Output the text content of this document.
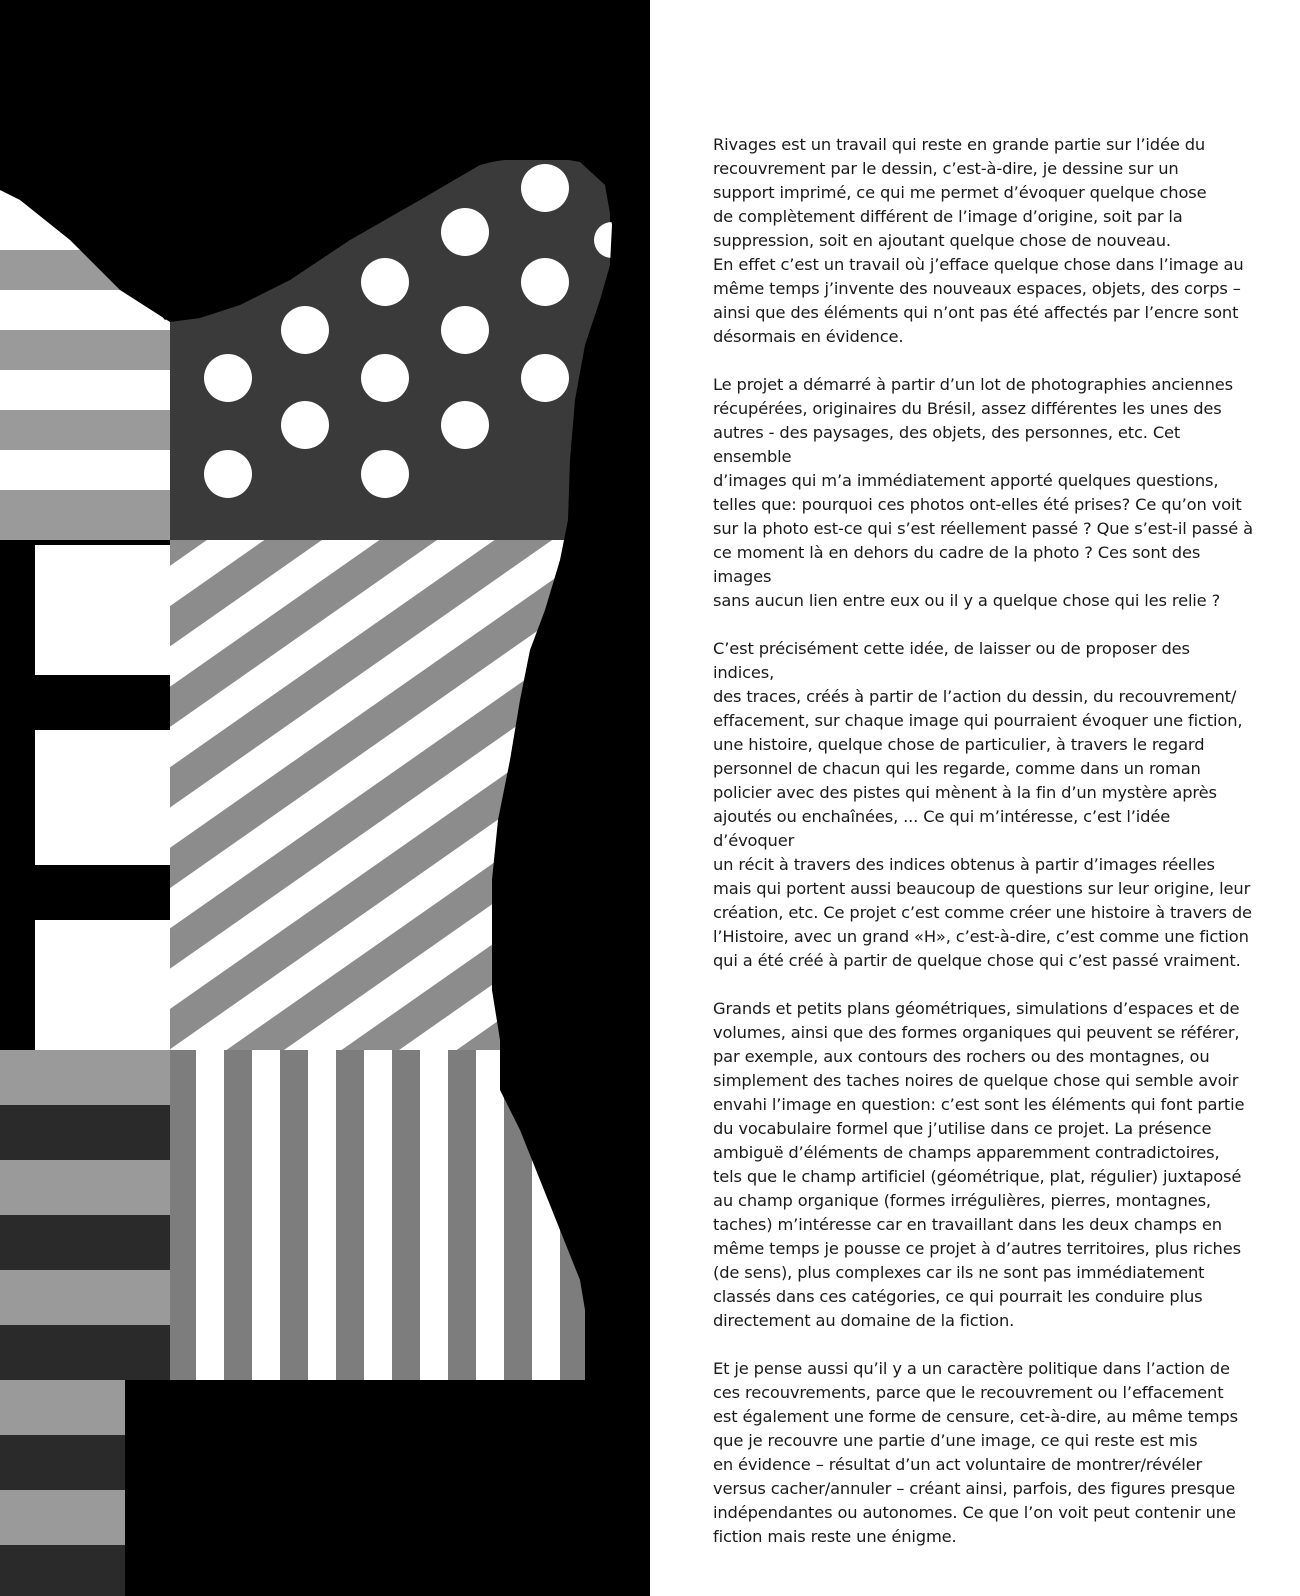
Rivages est un travail qui reste en grande partie sur l’idée du
recouvrement par le dessin, c’est-à-dire, je dessine sur un
support imprimé, ce qui me permet d’évoquer quelque chose
de complètement différent de l’image d’origine, soit par la
suppression, soit en ajoutant quelque chose de nouveau.
En effet c’est un travail où j’efface quelque chose dans l’image au
même temps j’invente des nouveaux espaces, objets, des corps –
ainsi que des éléments qui n’ont pas été affectés par l’encre sont
désormais en évidence.

Le projet a démarré à partir d’un lot de photographies anciennes
récupérées, originaires du Brésil, assez différentes les unes des
autres - des paysages, des objets, des personnes, etc. Cet ensemble
d’images qui m’a immédiatement apporté quelques questions,
telles que: pourquoi ces photos ont-elles été prises? Ce qu’on voit
sur la photo est-ce qui s’est réellement passé ? Que s’est-il passé à
ce moment là en dehors du cadre de la photo ? Ces sont des images
sans aucun lien entre eux ou il y a quelque chose qui les relie ?

C’est précisément cette idée, de laisser ou de proposer des indices,
des traces, créés à partir de l’action du dessin, du recouvrement/
effacement, sur chaque image qui pourraient évoquer une fiction,
une histoire, quelque chose de particulier, à travers le regard
personnel de chacun qui les regarde, comme dans un roman
policier avec des pistes qui mènent à la fin d’un mystère après
ajoutés ou enchaînées, ... Ce qui m’intéresse, c’est l’idée d’évoquer
un récit à travers des indices obtenus à partir d’images réelles
mais qui portent aussi beaucoup de questions sur leur origine, leur
création, etc. Ce projet c’est comme créer une histoire à travers de
l’Histoire, avec un grand «H», c’est-à-dire, c’est comme une fiction
qui a été créé à partir de quelque chose qui c’est passé vraiment.

Grands et petits plans géométriques, simulations d’espaces et de
volumes, ainsi que des formes organiques qui peuvent se référer,
par exemple, aux contours des rochers ou des montagnes, ou
simplement des taches noires de quelque chose qui semble avoir
envahi l’image en question: c’est sont les éléments qui font partie
du vocabulaire formel que j’utilise dans ce projet. La présence
ambiguë d’éléments de champs apparemment contradictoires,
tels que le champ artificiel (géométrique, plat, régulier) juxtaposé
au champ organique (formes irrégulières, pierres, montagnes,
taches) m’intéresse car en travaillant dans les deux champs en
même temps je pousse ce projet à d’autres territoires, plus riches
(de sens), plus complexes car ils ne sont pas immédiatement
classés dans ces catégories, ce qui pourrait les conduire plus
directement au domaine de la fiction.

Et je pense aussi qu’il y a un caractère politique dans l’action de
ces recouvrements, parce que le recouvrement ou l’effacement
est également une forme de censure, cet-à-dire, au même temps
que je recouvre une partie d’une image, ce qui reste est mis
en évidence – résultat d’un act voluntaire de montrer/révéler
versus cacher/annuler – créant ainsi, parfois, des figures presque
indépendantes ou autonomes. Ce que l’on voit peut contenir une
fiction mais reste une énigme.
